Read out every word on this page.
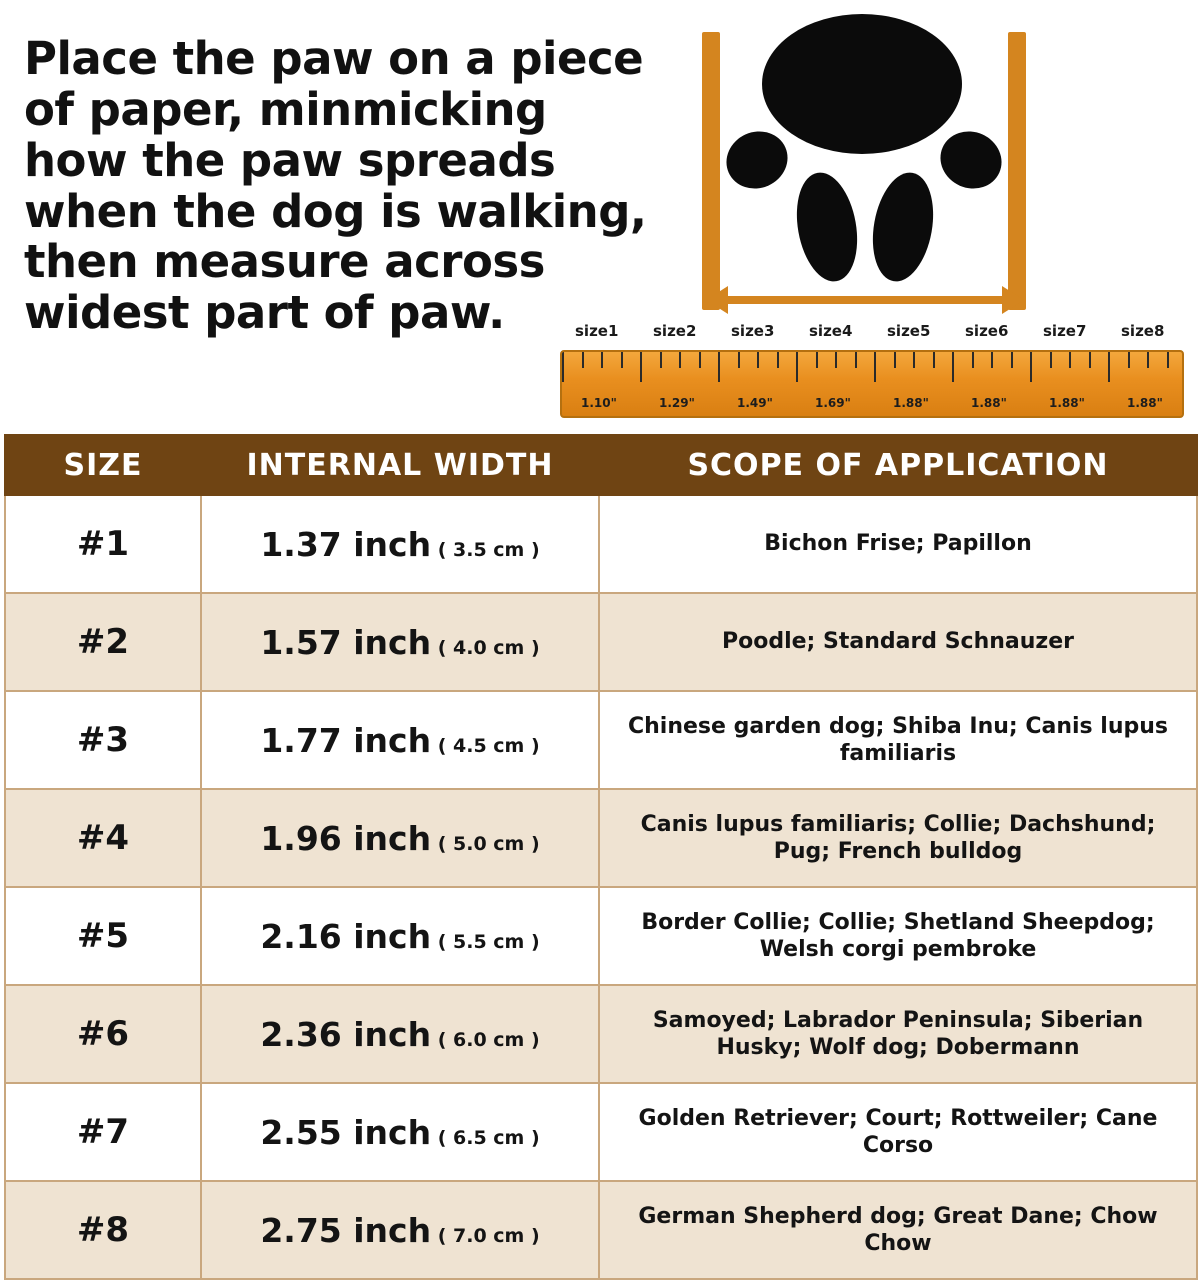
Place the paw on a piece of paper, minmicking how the paw spreads when the dog is walking, then measure across widest part of paw.	size1 size2 size3 size4 size5 size6 size7 size8
1.10"	1.29"	1.49"	1.69"	1.88"	1.88"	1.88"	1.88"
SIZE	INTERNAL WIDTH	SCOPE OF APPLICATION
#1	1.37 inch ( 3.5 cm )	Bichon Frise; Papillon
#2	1.57 inch ( 4.0 cm )	Poodle; Standard Schnauzer
#3	1.77 inch ( 4.5 cm )	Chinese garden dog; Shiba Inu; Canis lupus familiaris
#4	1.96 inch ( 5.0 cm )	Canis lupus familiaris; Collie; Dachshund; Pug; French bulldog
#5	2.16 inch ( 5.5 cm )	Border Collie; Collie; Shetland Sheepdog; Welsh corgi pembroke
#6	2.36 inch ( 6.0 cm )	Samoyed; Labrador Peninsula; Siberian Husky; Wolf dog; Dobermann
#7	2.55 inch ( 6.5 cm )	Golden Retriever; Court; Rottweiler; Cane Corso
#8	2.75 inch ( 7.0 cm )	German Shepherd dog; Great Dane; Chow Chow
